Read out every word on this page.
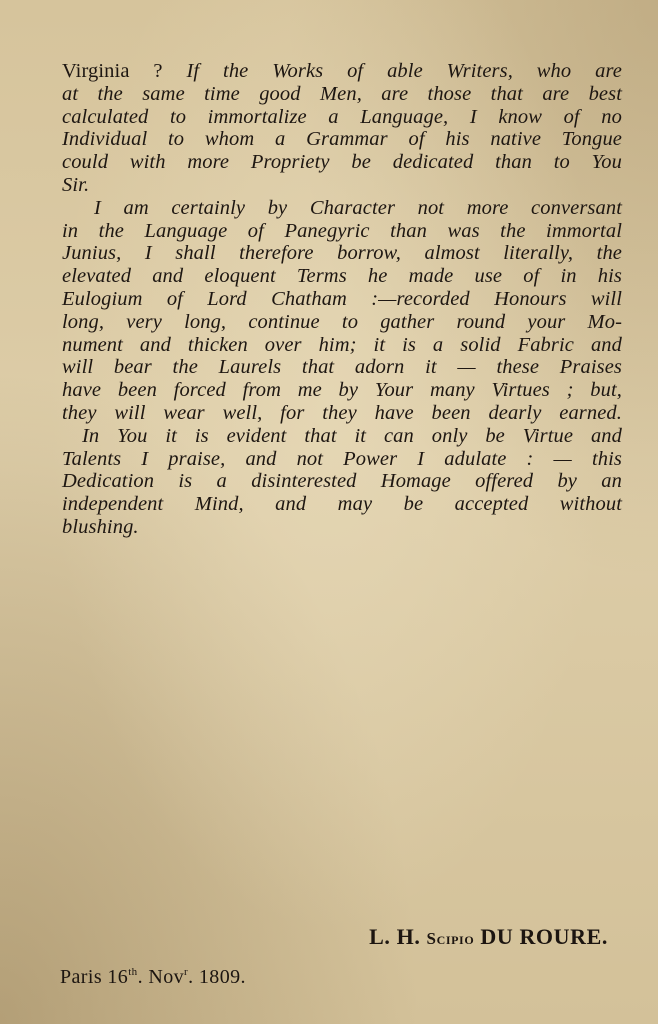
Virginia ? If the Works of able Writers, who are
at the same time good Men, are those that are best
calculated to immortalize a Language, I know of no
Individual to whom a Grammar of his native Tongue
could with more Propriety be dedicated than to You
Sir.
I am certainly by Character not more conversant
in the Language of Panegyric than was the immortal
Junius, I shall therefore borrow, almost literally, the
elevated and eloquent Terms he made use of in his
Eulogium of Lord Chatham :—recorded Honours will
long, very long, continue to gather round your Mo-
nument and thicken over him; it is a solid Fabric and
will bear the Laurels that adorn it — these Praises
have been forced from me by Your many Virtues ; but,
they will wear well, for they have been dearly earned.
In You it is evident that it can only be Virtue and
Talents I praise, and not Power I adulate : — this
Dedication is a disinterested Homage offered by an
independent Mind, and may be accepted without
blushing.
L. H. Scipio DU ROURE.
Paris 16th. Nov$^r$. 1809.
